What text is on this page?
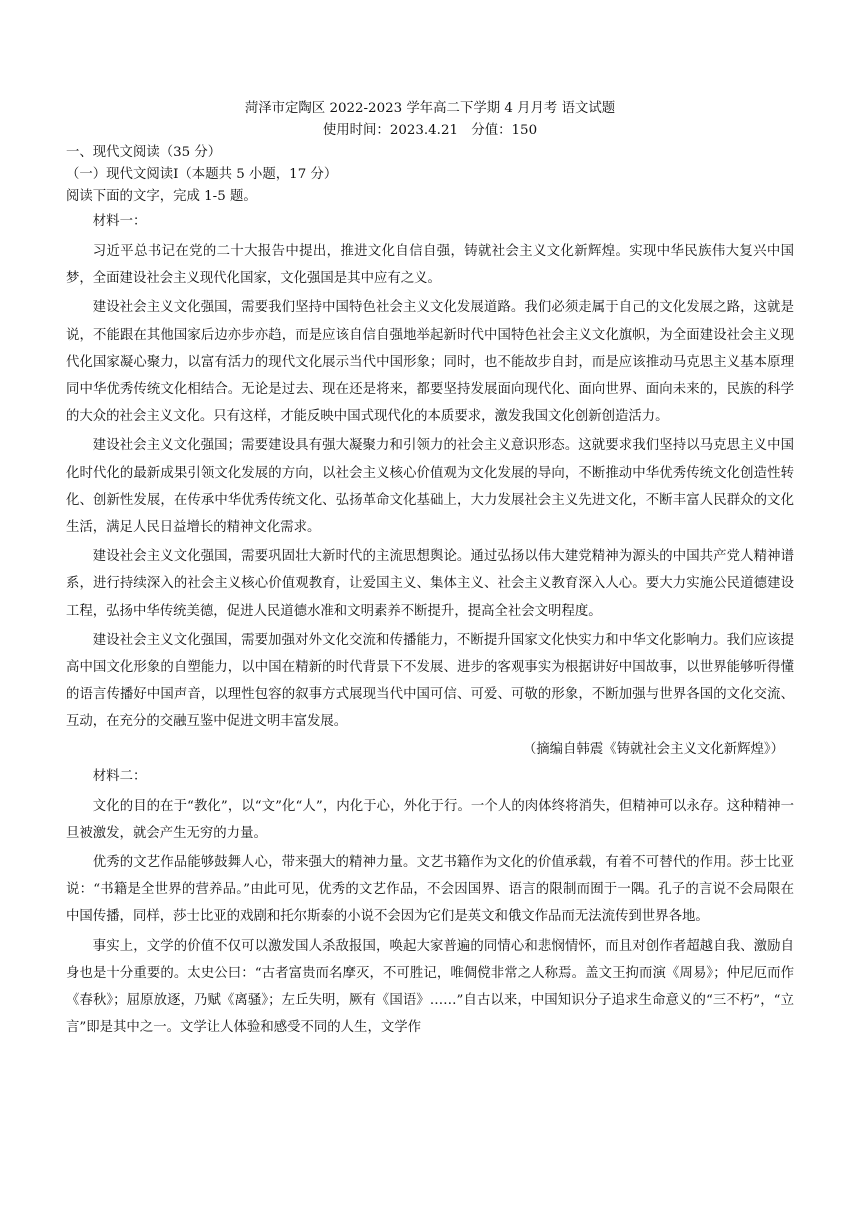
菏泽市定陶区 2022-2023 学年高二下学期 4 月月考 语文试题
使用时间：2023.4.21　分值：150
一、现代文阅读（35 分）
（一）现代文阅读Ⅰ（本题共 5 小题，17 分）
阅读下面的文字，完成 1-5 题。
材料一：

习近平总书记在党的二十大报告中提出，推进文化自信自强，铸就社会主义文化新辉煌。实现中华民族伟大复兴中国梦，全面建设社会主义现代化国家，文化强国是其中应有之义。

建设社会主义文化强国，需要我们坚持中国特色社会主义文化发展道路。我们必须走属于自己的文化发展之路，这就是说，不能跟在其他国家后边亦步亦趋，而是应该自信自强地举起新时代中国特色社会主义文化旗帜，为全面建设社会主义现代化国家凝心聚力，以富有活力的现代文化展示当代中国形象；同时，也不能故步自封，而是应该推动马克思主义基本原理同中华优秀传统文化相结合。无论是过去、现在还是将来，都要坚持发展面向现代化、面向世界、面向未来的，民族的科学的大众的社会主义文化。只有这样，才能反映中国式现代化的本质要求，激发我国文化创新创造活力。

建设社会主义文化强国；需要建设具有强大凝聚力和引领力的社会主义意识形态。这就要求我们坚持以马克思主义中国化时代化的最新成果引领文化发展的方向，以社会主义核心价值观为文化发展的导向，不断推动中华优秀传统文化创造性转化、创新性发展，在传承中华优秀传统文化、弘扬革命文化基础上，大力发展社会主义先进文化，不断丰富人民群众的文化生活，满足人民日益增长的精神文化需求。

建设社会主义文化强国，需要巩固壮大新时代的主流思想舆论。通过弘扬以伟大建党精神为源头的中国共产党人精神谱系，进行持续深入的社会主义核心价值观教育，让爱国主义、集体主义、社会主义教育深入人心。要大力实施公民道德建设工程，弘扬中华传统美德，促进人民道德水准和文明素养不断提升，提高全社会文明程度。

建设社会主义文化强国，需要加强对外文化交流和传播能力，不断提升国家文化快实力和中华文化影响力。我们应该提高中国文化形象的自塑能力，以中国在精新的时代背景下不发展、进步的客观事实为根据讲好中国故事，以世界能够听得懂的语言传播好中国声音，以理性包容的叙事方式展现当代中国可信、可爱、可敬的形象，不断加强与世界各国的文化交流、互动，在充分的交融互鉴中促进文明丰富发展。

（摘编自韩震《铸就社会主义文化新辉煌》）
材料二：

文化的目的在于“教化”，以“文”化“人”，内化于心，外化于行。一个人的肉体终将消失，但精神可以永存。这种精神一旦被激发，就会产生无穷的力量。

优秀的文艺作品能够鼓舞人心，带来强大的精神力量。文艺书籍作为文化的价值承载，有着不可替代的作用。莎士比亚说：“书籍是全世界的营养品。”由此可见，优秀的文艺作品，不会因国界、语言的限制而囿于一隅。孔子的言说不会局限在中国传播，同样，莎士比亚的戏剧和托尔斯泰的小说不会因为它们是英文和俄文作品而无法流传到世界各地。

事实上，文学的价值不仅可以激发国人杀敌报国，唤起大家普遍的同情心和悲悯情怀，而且对创作者超越自我、激励自身也是十分重要的。太史公曰：“古者富贵而名摩灭，不可胜记，唯倜傥非常之人称焉。盖文王拘而演《周易》；仲尼厄而作《春秋》；屈原放逐，乃赋《离骚》；左丘失明，厥有《国语》……”自古以来，中国知识分子追求生命意义的“三不朽”，“立言”即是其中之一。文学让人体验和感受不同的人生，文学作
